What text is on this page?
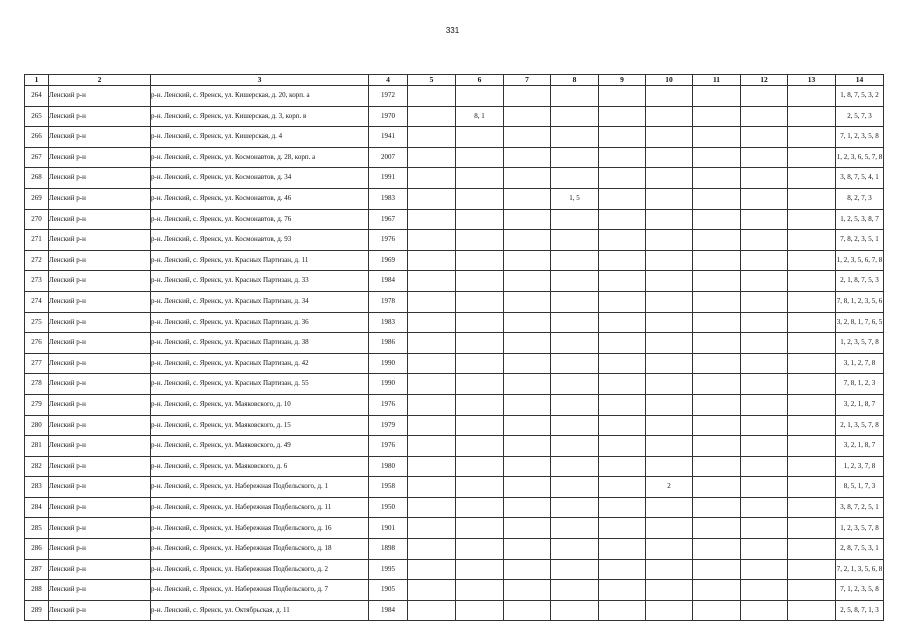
331
1	2	3	4	5	6	7	8	9	10	11	12	13	14
264	Ленский р-н	р-н. Ленский, с. Яренск, ул. Кишерская, д. 20, корп. а	1972										1, 8, 7, 5, 3, 2
265	Ленский р-н	р-н. Ленский, с. Яренск, ул. Кишерская, д. 3, корп. в	1970		8, 1								2, 5, 7, 3
266	Ленский р-н	р-н. Ленский, с. Яренск, ул. Кишерская, д. 4	1941										7, 1, 2, 3, 5, 8
267	Ленский р-н	р-н. Ленский, с. Яренск, ул. Космонавтов, д. 28, корп. а	2007										1, 2, 3, 6, 5, 7, 8
268	Ленский р-н	р-н. Ленский, с. Яренск, ул. Космонавтов, д. 34	1991										3, 8, 7, 5, 4, 1
269	Ленский р-н	р-н. Ленский, с. Яренск, ул. Космонавтов, д. 46	1983				1, 5						8, 2, 7, 3
270	Ленский р-н	р-н. Ленский, с. Яренск, ул. Космонавтов, д. 76	1967										1, 2, 5, 3, 8, 7
271	Ленский р-н	р-н. Ленский, с. Яренск, ул. Космонавтов, д. 93	1976										7, 8, 2, 3, 5, 1
272	Ленский р-н	р-н. Ленский, с. Яренск, ул. Красных Партизан, д. 11	1969										1, 2, 3, 5, 6, 7, 8
273	Ленский р-н	р-н. Ленский, с. Яренск, ул. Красных Партизан, д. 33	1984										2, 1, 8, 7, 5, 3
274	Ленский р-н	р-н. Ленский, с. Яренск, ул. Красных Партизан, д. 34	1978										7, 8, 1, 2, 3, 5, 6
275	Ленский р-н	р-н. Ленский, с. Яренск, ул. Красных Партизан, д. 36	1983										3, 2, 8, 1, 7, 6, 5
276	Ленский р-н	р-н. Ленский, с. Яренск, ул. Красных Партизан, д. 38	1986										1, 2, 3, 5, 7, 8
277	Ленский р-н	р-н. Ленский, с. Яренск, ул. Красных Партизан, д. 42	1990										3, 1, 2, 7, 8
278	Ленский р-н	р-н. Ленский, с. Яренск, ул. Красных Партизан, д. 55	1990										7, 8, 1, 2, 3
279	Ленский р-н	р-н. Ленский, с. Яренск, ул. Маяковского, д. 10	1976										3, 2, 1, 8, 7
280	Ленский р-н	р-н. Ленский, с. Яренск, ул. Маяковского, д. 15	1979										2, 1, 3, 5, 7, 8
281	Ленский р-н	р-н. Ленский, с. Яренск, ул. Маяковского, д. 49	1976										3, 2, 1, 8, 7
282	Ленский р-н	р-н. Ленский, с. Яренск, ул. Маяковского, д. 6	1980										1, 2, 3, 7, 8
283	Ленский р-н	р-н. Ленский, с. Яренск, ул. Набережная Подбельского, д. 1	1958						2				8, 5, 1, 7, 3
284	Ленский р-н	р-н. Ленский, с. Яренск, ул. Набережная Подбельского, д. 11	1950										3, 8, 7, 2, 5, 1
285	Ленский р-н	р-н. Ленский, с. Яренск, ул. Набережная Подбельского, д. 16	1901										1, 2, 3, 5, 7, 8
286	Ленский р-н	р-н. Ленский, с. Яренск, ул. Набережная Подбельского, д. 18	1898										2, 8, 7, 5, 3, 1
287	Ленский р-н	р-н. Ленский, с. Яренск, ул. Набережная Подбельского, д. 2	1995										7, 2, 1, 3, 5, 6, 8
288	Ленский р-н	р-н. Ленский, с. Яренск, ул. Набережная Подбельского, д. 7	1905										7, 1, 2, 3, 5, 8
289	Ленский р-н	р-н. Ленский, с. Яренск, ул. Октябрьская, д. 11	1984										2, 5, 8, 7, 1, 3
